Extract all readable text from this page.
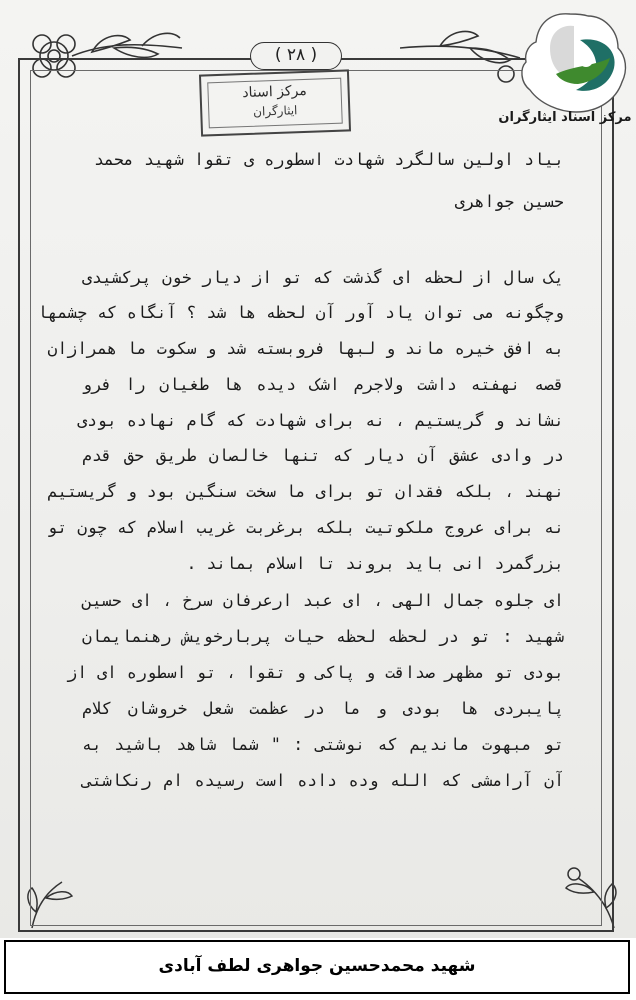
( ۲۸ )
مرکز اسناد
ایثارگران	مرکز اسناد ایثارگران
بیاد اولین سالگرد شهادت اسطوره ی تقوا شهید محمد
حسین جواهری
یک سال از لحظه ای گذشت که تو از دیار خون پرکشیدی
وچگونه می توان یاد آور آن لحظه ها شد ؟ آنگاه که چشمها
به افق خیره ماند و لبها فروبسته شد و سکوت ما همرازان
قصه نهفته داشت ولاجرم اشک دیده ها طغیان را فرو
نشاند و گریستیم ، نه برای شهادت که گام نهاده بودی
در وادی عشق آن دیار که تنها خالصان طریق حق قدم
نهند ، بلکه فقدان تو برای ما سخت سنگین بود و گریستیم
نه برای عروج ملکوتیت بلکه برغربت غریب اسلام که چون تو
بزرگمرد انی باید بروند تا اسلام بماند .
ای جلوه جمال الهی ، ای عبد ارعرفان سرخ ، ای حسین
شهید : تو در لحظه لحظه حیات پربارخویش رهنمایمان
بودی تو مظهر صداقت و پاکی و تقوا ، تو اسطوره ای از
پایبردی ها بودی و ما در عظمت شعل خروشان کلام
تو مبهوت ماندیم که نوشتی : " شما شاهد باشید به
آن آرامشی که الله وده داده است رسیده ام رنکاشتی
شهید محمدحسین جواهری لطف آبادی
